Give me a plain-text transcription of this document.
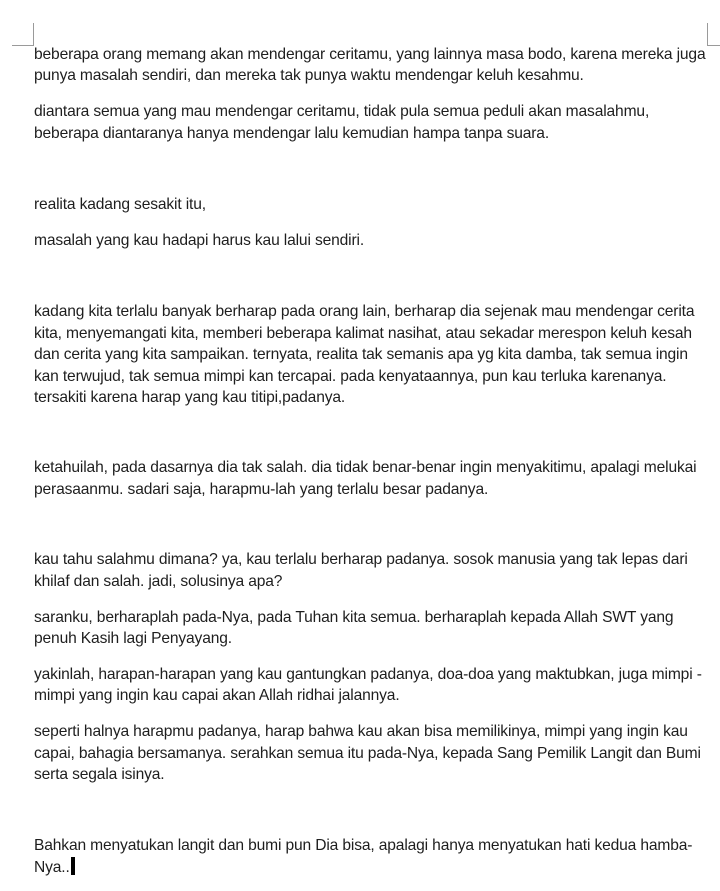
beberapa orang memang akan mendengar ceritamu, yang lainnya masa bodo, karena mereka juga punya masalah sendiri, dan mereka tak punya waktu mendengar keluh kesahmu.

diantara semua yang mau mendengar ceritamu, tidak pula semua peduli akan masalahmu, beberapa diantaranya hanya mendengar lalu kemudian hampa tanpa suara.

realita kadang sesakit itu,

masalah yang kau hadapi harus kau lalui sendiri.

kadang kita terlalu banyak berharap pada orang lain, berharap dia sejenak mau mendengar cerita kita, menyemangati kita, memberi beberapa kalimat nasihat, atau sekadar merespon keluh kesah dan cerita yang kita sampaikan. ternyata, realita tak semanis apa yg kita damba, tak semua ingin kan terwujud, tak semua mimpi kan tercapai. pada kenyataannya, pun kau terluka karenanya. tersakiti karena harap yang kau titipi,padanya.

ketahuilah, pada dasarnya dia tak salah. dia tidak benar-benar ingin menyakitimu, apalagi melukai perasaanmu. sadari saja, harapmu-lah yang terlalu besar padanya.

kau tahu salahmu dimana? ya, kau terlalu berharap padanya. sosok manusia yang tak lepas dari khilaf dan salah. jadi, solusinya apa?

saranku, berharaplah pada-Nya, pada Tuhan kita semua. berharaplah kepada Allah SWT yang penuh Kasih lagi Penyayang.

yakinlah, harapan-harapan yang kau gantungkan padanya, doa-doa yang maktubkan, juga mimpi -mimpi yang ingin kau capai akan Allah ridhai jalannya.

seperti halnya harapmu padanya, harap bahwa kau akan bisa memilikinya, mimpi yang ingin kau capai, bahagia bersamanya. serahkan semua itu pada-Nya, kepada Sang Pemilik Langit dan Bumi serta segala isinya.

Bahkan menyatukan langit dan bumi pun Dia bisa, apalagi hanya menyatukan hati kedua hamba-Nya..
